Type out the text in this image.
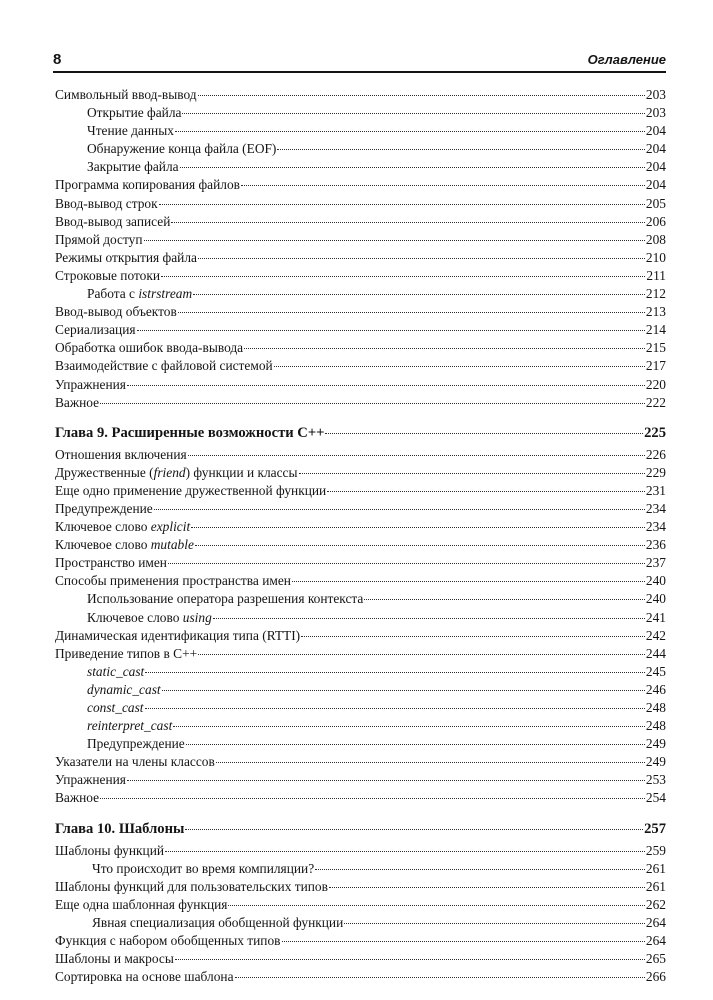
8	Оглавление
Символьный ввод-вывод	203
Открытие файла	203
Чтение данных	204
Обнаружение конца файла (EOF)	204
Закрытие файла	204
Программа копирования файлов	204
Ввод-вывод строк	205
Ввод-вывод записей	206
Прямой доступ	208
Режимы открытия файла	210
Строковые потоки	211
Работа с istrstream	212
Ввод-вывод объектов	213
Сериализация	214
Обработка ошибок ввода-вывода	215
Взаимодействие с файловой системой	217
Упражнения	220
Важное	222
Глава 9. Расширенные возможности C++	225
Отношения включения	226
Дружественные (friend) функции и классы	229
Еще одно применение дружественной функции	231
Предупреждение	234
Ключевое слово explicit	234
Ключевое слово mutable	236
Пространство имен	237
Способы применения пространства имен	240
Использование оператора разрешения контекста	240
Ключевое слово using	241
Динамическая идентификация типа (RTTI)	242
Приведение типов в C++	244
static_cast	245
dynamic_cast	246
const_cast	248
reinterpret_cast	248
Предупреждение	249
Указатели на члены классов	249
Упражнения	253
Важное	254
Глава 10. Шаблоны	257
Шаблоны функций	259
Что происходит во время компиляции?	261
Шаблоны функций для пользовательских типов	261
Еще одна шаблонная функция	262
Явная специализация обобщенной функции	264
Функция с набором обобщенных типов	264
Шаблоны и макросы	265
Сортировка на основе шаблона	266
